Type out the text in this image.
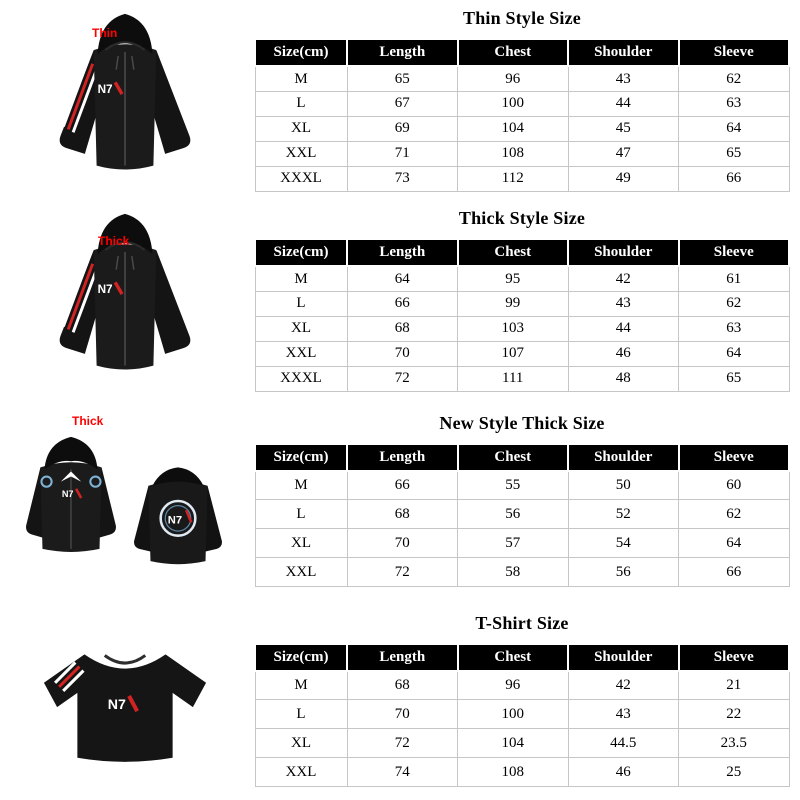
Thin
N7
Thin Style Size
Size(cm)	Length	Chest	Shoulder	Sleeve
M	65	96	43	62
L	67	100	44	63
XL	69	104	45	64
XXL	71	108	47	65
XXXL	73	112	49	66
Thick
N7
Thick Style Size
Size(cm)	Length	Chest	Shoulder	Sleeve
M	64	95	42	61
L	66	99	43	62
XL	68	103	44	63
XXL	70	107	46	64
XXXL	72	111	48	65
Thick
N7
N7
New Style Thick Size
Size(cm)	Length	Chest	Shoulder	Sleeve
M	66	55	50	60
L	68	56	52	62
XL	70	57	54	64
XXL	72	58	56	66
N7
T-Shirt Size
Size(cm)	Length	Chest	Shoulder	Sleeve
M	68	96	42	21
L	70	100	43	22
XL	72	104	44.5	23.5
XXL	74	108	46	25
